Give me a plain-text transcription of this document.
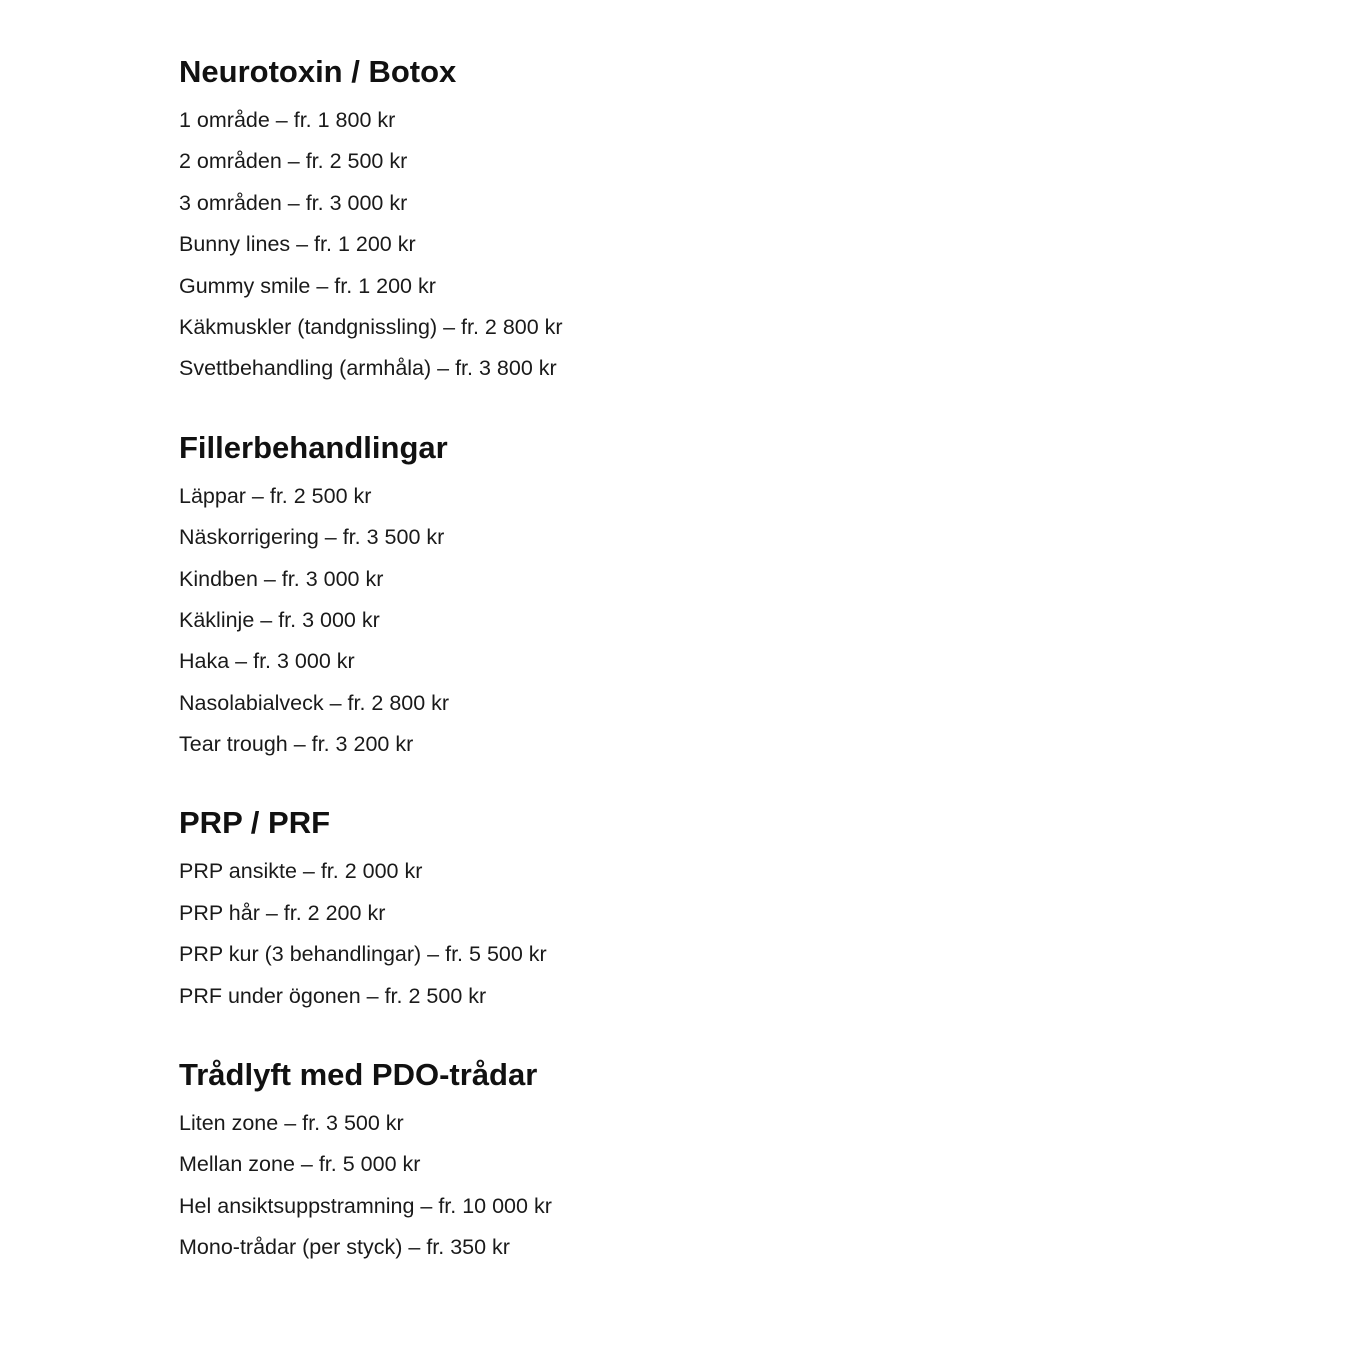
Neurotoxin / Botox
1 område – fr. 1 800 kr
2 områden – fr. 2 500 kr
3 områden – fr. 3 000 kr
Bunny lines – fr. 1 200 kr
Gummy smile – fr. 1 200 kr
Käkmuskler (tandgnissling) – fr. 2 800 kr
Svettbehandling (armhåla) – fr. 3 800 kr
Fillerbehandlingar
Läppar – fr. 2 500 kr
Näskorrigering – fr. 3 500 kr
Kindben – fr. 3 000 kr
Käklinje – fr. 3 000 kr
Haka – fr. 3 000 kr
Nasolabialveck – fr. 2 800 kr
Tear trough – fr. 3 200 kr
PRP / PRF
PRP ansikte – fr. 2 000 kr
PRP hår – fr. 2 200 kr
PRP kur (3 behandlingar) – fr. 5 500 kr
PRF under ögonen – fr. 2 500 kr
Trådlyft med PDO-trådar
Liten zone – fr. 3 500 kr
Mellan zone – fr. 5 000 kr
Hel ansiktsuppstramning – fr. 10 000 kr
Mono-trådar (per styck) – fr. 350 kr
